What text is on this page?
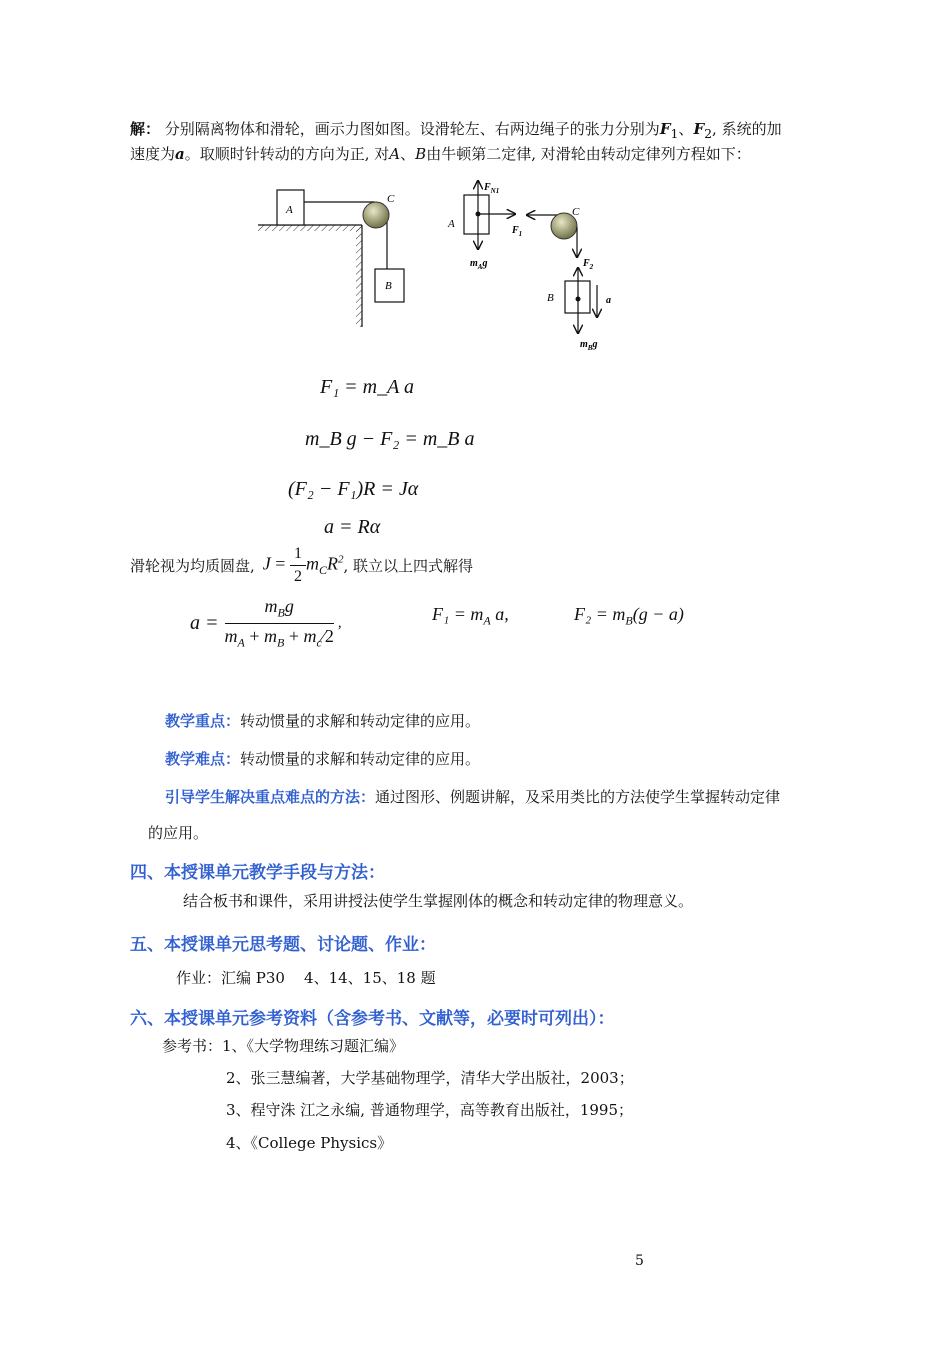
解： 分别隔离物体和滑轮，画示力图如图。设滑轮左、右两边绳子的张力分别为$F_1$、$F_2$, 系统的加
速度为a。取顺时针转动的方向为正, 对A、B由牛顿第二定律, 对滑轮由转动定律列方程如下：
A
C
B
$F_{N1}$
$F_1$
$m_Ag$
A
C
$F_2$
a
B
$m_Bg$
F₁ = m_A a
m_B g − F₂ = m_B a
(F₂ − F₁)R = Jα
a = Rα
滑轮视为均质圆盘, $J = \frac{1}{2} m_CR^2$ , 联立以上四式解得
$a = \frac{m_Bg}{m_A + m_B + m_c⁄2}$ ,	$F_1 = m_A$ ɑ,	$F_2 = m_B(g - a)$
教学重点：转动惯量的求解和转动定律的应用。
教学难点：转动惯量的求解和转动定律的应用。
引导学生解决重点难点的方法：通过图形、例题讲解，及采用类比的方法使学生掌握转动定律
的应用。
四、本授课单元教学手段与方法：
结合板书和课件，采用讲授法使学生掌握刚体的概念和转动定律的物理意义。
五、本授课单元思考题、讨论题、作业：
作业：汇编 P30    4、14、15、18 题
六、本授课单元参考资料（含参考书、文献等，必要时可列出）：
参考书：1、《大学物理练习题汇编》
2、张三慧编著，大学基础物理学，清华大学出版社，2003；
3、程守洙 江之永编, 普通物理学，高等教育出版社，1995；
4、《College Physics》
5
